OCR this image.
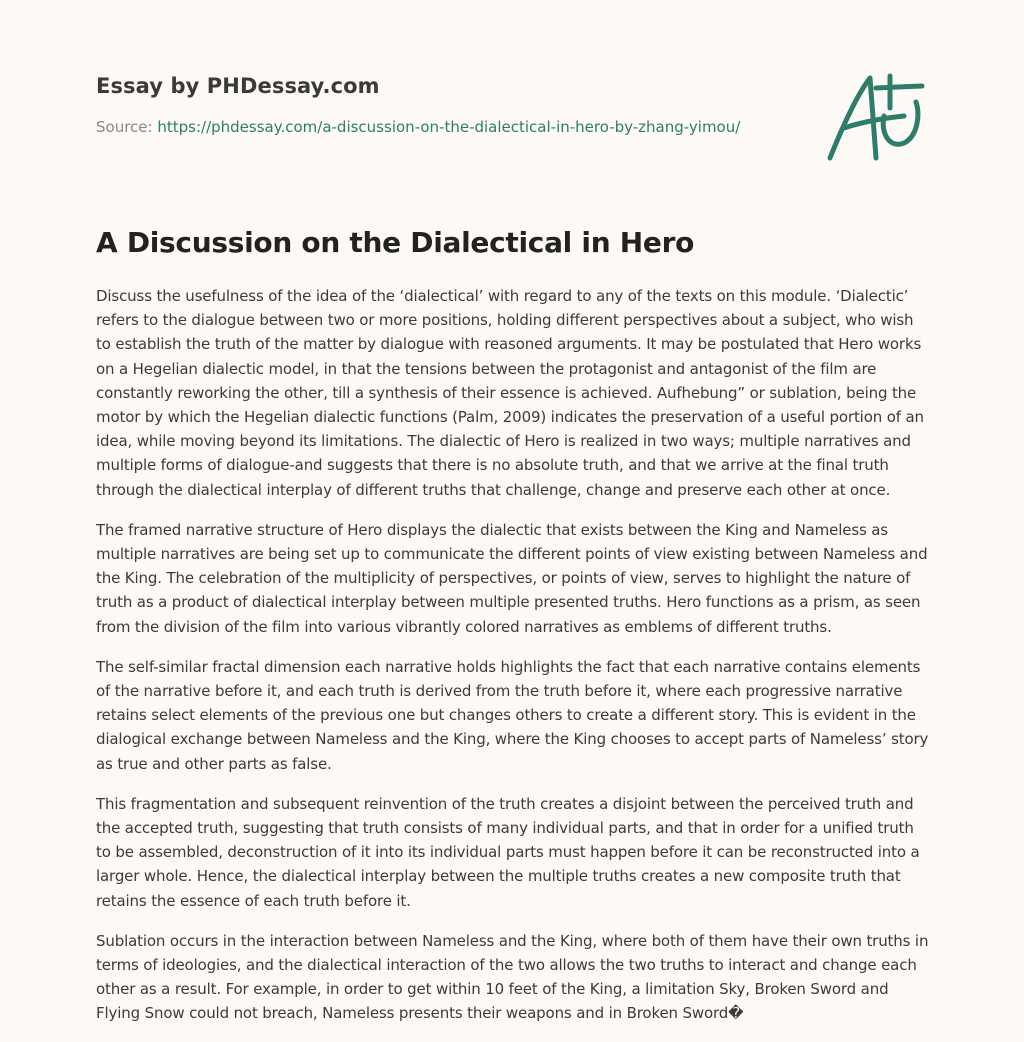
Essay by PHDessay.com
Source: https://phdessay.com/a-discussion-on-the-dialectical-in-hero-by-zhang-yimou/
A Discussion on the Dialectical in Hero

Discuss the usefulness of the idea of the ‘dialectical’ with regard to any of the texts on this module. ‘Dialectic’ refers to the dialogue between two or more positions, holding different perspectives about a subject, who wish to establish the truth of the matter by dialogue with reasoned arguments. It may be postulated that Hero works on a Hegelian dialectic model, in that the tensions between the protagonist and antagonist of the film are constantly reworking the other, till a synthesis of their essence is achieved. Aufhebung” or sublation, being the motor by which the Hegelian dialectic functions (Palm, 2009) indicates the preservation of a useful portion of an idea, while moving beyond its limitations. The dialectic of Hero is realized in two ways; multiple narratives and multiple forms of dialogue-and suggests that there is no absolute truth, and that we arrive at the final truth through the dialectical interplay of different truths that challenge, change and preserve each other at once.

The framed narrative structure of Hero displays the dialectic that exists between the King and Nameless as multiple narratives are being set up to communicate the different points of view existing between Nameless and the King. The celebration of the multiplicity of perspectives, or points of view, serves to highlight the nature of truth as a product of dialectical interplay between multiple presented truths. Hero functions as a prism, as seen from the division of the film into various vibrantly colored narratives as emblems of different truths.

The self-similar fractal dimension each narrative holds highlights the fact that each narrative contains elements of the narrative before it, and each truth is derived from the truth before it, where each progressive narrative retains select elements of the previous one but changes others to create a different story. This is evident in the dialogical exchange between Nameless and the King, where the King chooses to accept parts of Nameless’ story as true and other parts as false.

This fragmentation and subsequent reinvention of the truth creates a disjoint between the perceived truth and the accepted truth, suggesting that truth consists of many individual parts, and that in order for a unified truth to be assembled, deconstruction of it into its individual parts must happen before it can be reconstructed into a larger whole. Hence, the dialectical interplay between the multiple truths creates a new composite truth that retains the essence of each truth before it.

Sublation occurs in the interaction between Nameless and the King, where both of them have their own truths in terms of ideologies, and the dialectical interaction of the two allows the two truths to interact and change each other as a result. For example, in order to get within 10 feet of the King, a limitation Sky, Broken Sword and Flying Snow could not breach, Nameless presents their weapons and in Broken Sword�
